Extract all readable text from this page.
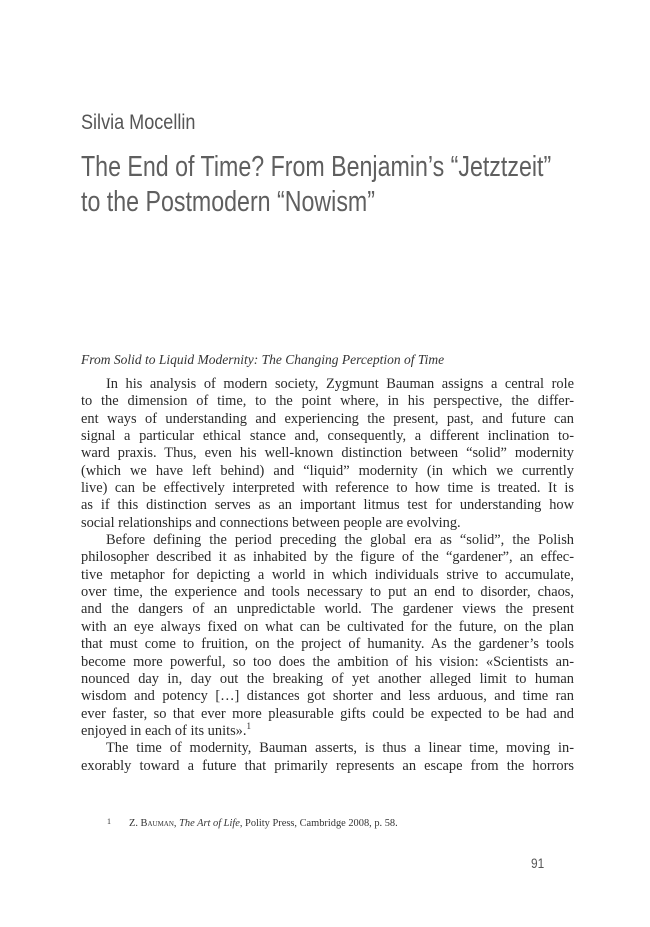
Silvia Mocellin
The End of Time? From Benjamin’s “Jetztzeit”
to the Postmodern “Nowism”
From Solid to Liquid Modernity: The Changing Perception of Time
In his analysis of modern society, Zygmunt Bauman assigns a central role
to the dimension of time, to the point where, in his perspective, the differ-
ent ways of understanding and experiencing the present, past, and future can
signal a particular ethical stance and, consequently, a different inclination to-
ward praxis. Thus, even his well-known distinction between “solid” modernity
(which we have left behind) and “liquid” modernity (in which we currently
live) can be effectively interpreted with reference to how time is treated. It is
as if this distinction serves as an important litmus test for understanding how
social relationships and connections between people are evolving.
Before defining the period preceding the global era as “solid”, the Polish
philosopher described it as inhabited by the figure of the “gardener”, an effec-
tive metaphor for depicting a world in which individuals strive to accumulate,
over time, the experience and tools necessary to put an end to disorder, chaos,
and the dangers of an unpredictable world. The gardener views the present
with an eye always fixed on what can be cultivated for the future, on the plan
that must come to fruition, on the project of humanity. As the gardener’s tools
become more powerful, so too does the ambition of his vision: «Scientists an-
nounced day in, day out the breaking of yet another alleged limit to human
wisdom and potency […] distances got shorter and less arduous, and time ran
ever faster, so that ever more pleasurable gifts could be expected to be had and
enjoyed in each of its units».$^1$
The time of modernity, Bauman asserts, is thus a linear time, moving in-
exorably toward a future that primarily represents an escape from the horrors
1 Z. Bauman, The Art of Life, Polity Press, Cambridge 2008, p. 58.
91
